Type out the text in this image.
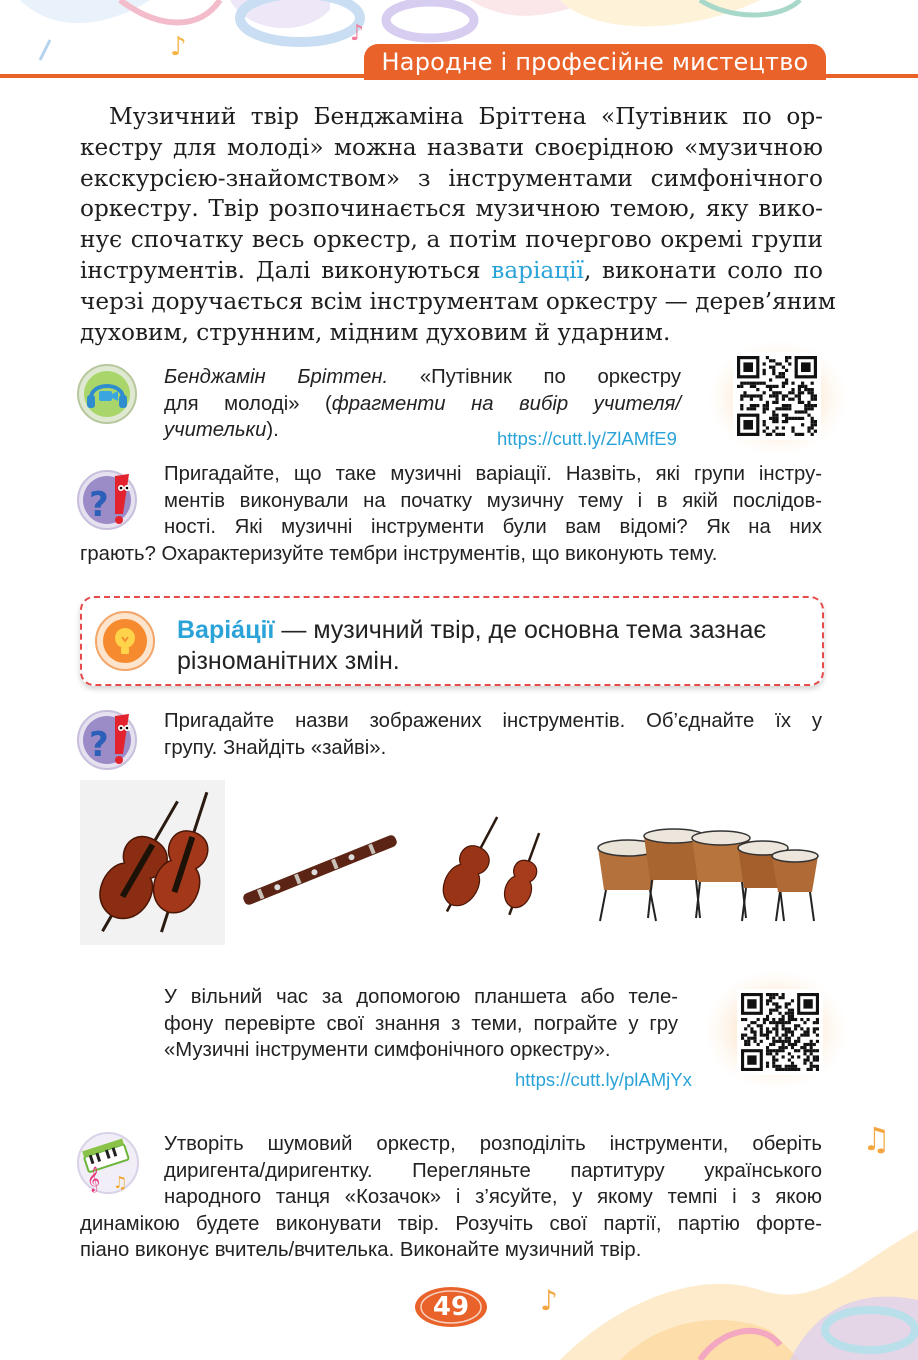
♪	♪
♫
♪
Народне і професійне мистецтво
Музичний твір Бенджаміна Бріттена «Путівник по ор-
кестру для молоді» можна назвати своєрідною «музичною
екскурсією-знайомством» з інструментами симфонічного
оркестру. Твір розпочинається музичною темою, яку вико-
нує спочатку весь оркестр, а потім почергово окремі групи
інструментів. Далі виконуються варіації, виконати соло по
черзі доручається всім інструментам оркестру — дерев’яним
духовим, струнним, мідним духовим й ударним.
Бенджамін Бріттен. «Путівник по оркестру
для молоді» (фрагменти на вибір учителя/
учительки).	https://cutt.ly/ZlAMfE9
?
Пригадайте, що таке музичні варіації. Назвіть, які групи інстру-
ментів виконували на початку музичну тему і в якій послідов-
ності. Які музичні інструменти були вам відомі? Як на них
грають? Охарактеризуйте тембри інструментів, що виконують тему.
Варіáції — музичний твір, де основна тема зазнає
різноманітних змін.
?
Пригадайте назви зображених інструментів. Об’єднайте їх у
групу. Знайдіть «зайві».
У вільний час за допомогою планшета або теле-
фону перевірте свої знання з теми, пограйте у гру
«Музичні інструменти симфонічного оркестру».
https://cutt.ly/plAMjYx
𝄞 ♫
Утворіть шумовий оркестр, розподіліть інструменти, оберіть
диригента/диригентку. Перегляньте партитуру українського
народного танця «Козачок» і з’ясуйте, у якому темпі і з якою
динамікою будете виконувати твір. Розучіть свої партії, партію форте-
піано виконує вчитель/вчителька. Виконайте музичний твір.
49
